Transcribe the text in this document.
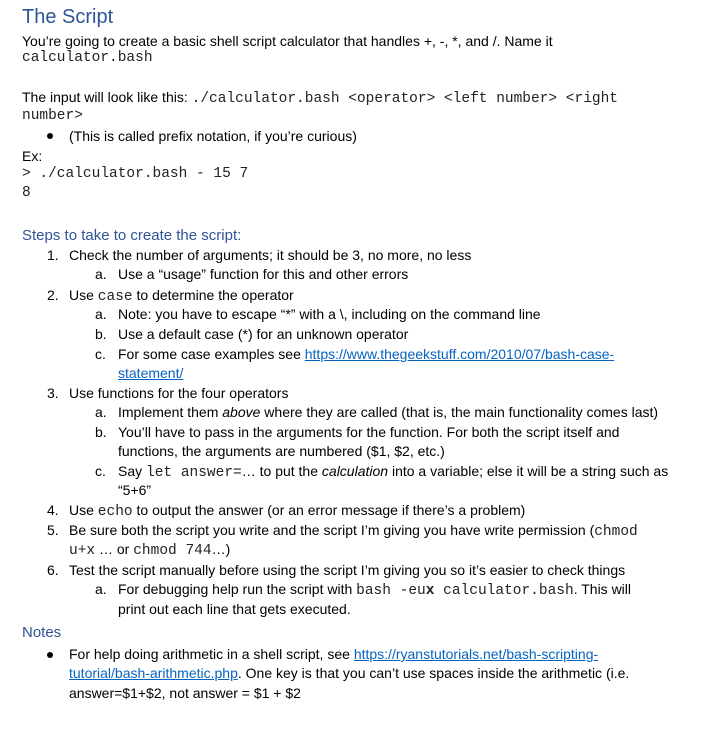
The Script
You’re going to create a basic shell script calculator that handles +, -, *, and /. Name it
calculator.bash
The input will look like this: ./calculator.bash <operator> <left number> <right
number>
(This is called prefix notation, if you’re curious)
Ex:
> ./calculator.bash - 15 7
8
Steps to take to create the script:
1. Check the number of arguments; it should be 3, no more, no less
a. Use a “usage” function for this and other errors
2. Use case to determine the operator
a. Note: you have to escape “*” with a \, including on the command line
b. Use a default case (*) for an unknown operator
c. For some case examples see https://www.thegeekstuff.com/2010/07/bash-case-
statement/
3. Use functions for the four operators
a. Implement them above where they are called (that is, the main functionality comes last)
b. You’ll have to pass in the arguments for the function. For both the script itself and
functions, the arguments are numbered ($1, $2, etc.)
c. Say let answer=… to put the calculation into a variable; else it will be a string such as
“5+6”
4. Use echo to output the answer (or an error message if there’s a problem)
5. Be sure both the script you write and the script I’m giving you have write permission (chmod
u+x … or chmod 744…)
6. Test the script manually before using the script I’m giving you so it’s easier to check things
a. For debugging help run the script with bash -eux calculator.bash. This will
print out each line that gets executed.
Notes
For help doing arithmetic in a shell script, see https://ryanstutorials.net/bash-scripting-
tutorial/bash-arithmetic.php. One key is that you can’t use spaces inside the arithmetic (i.e.
answer=$1+$2, not answer = $1 + $2
